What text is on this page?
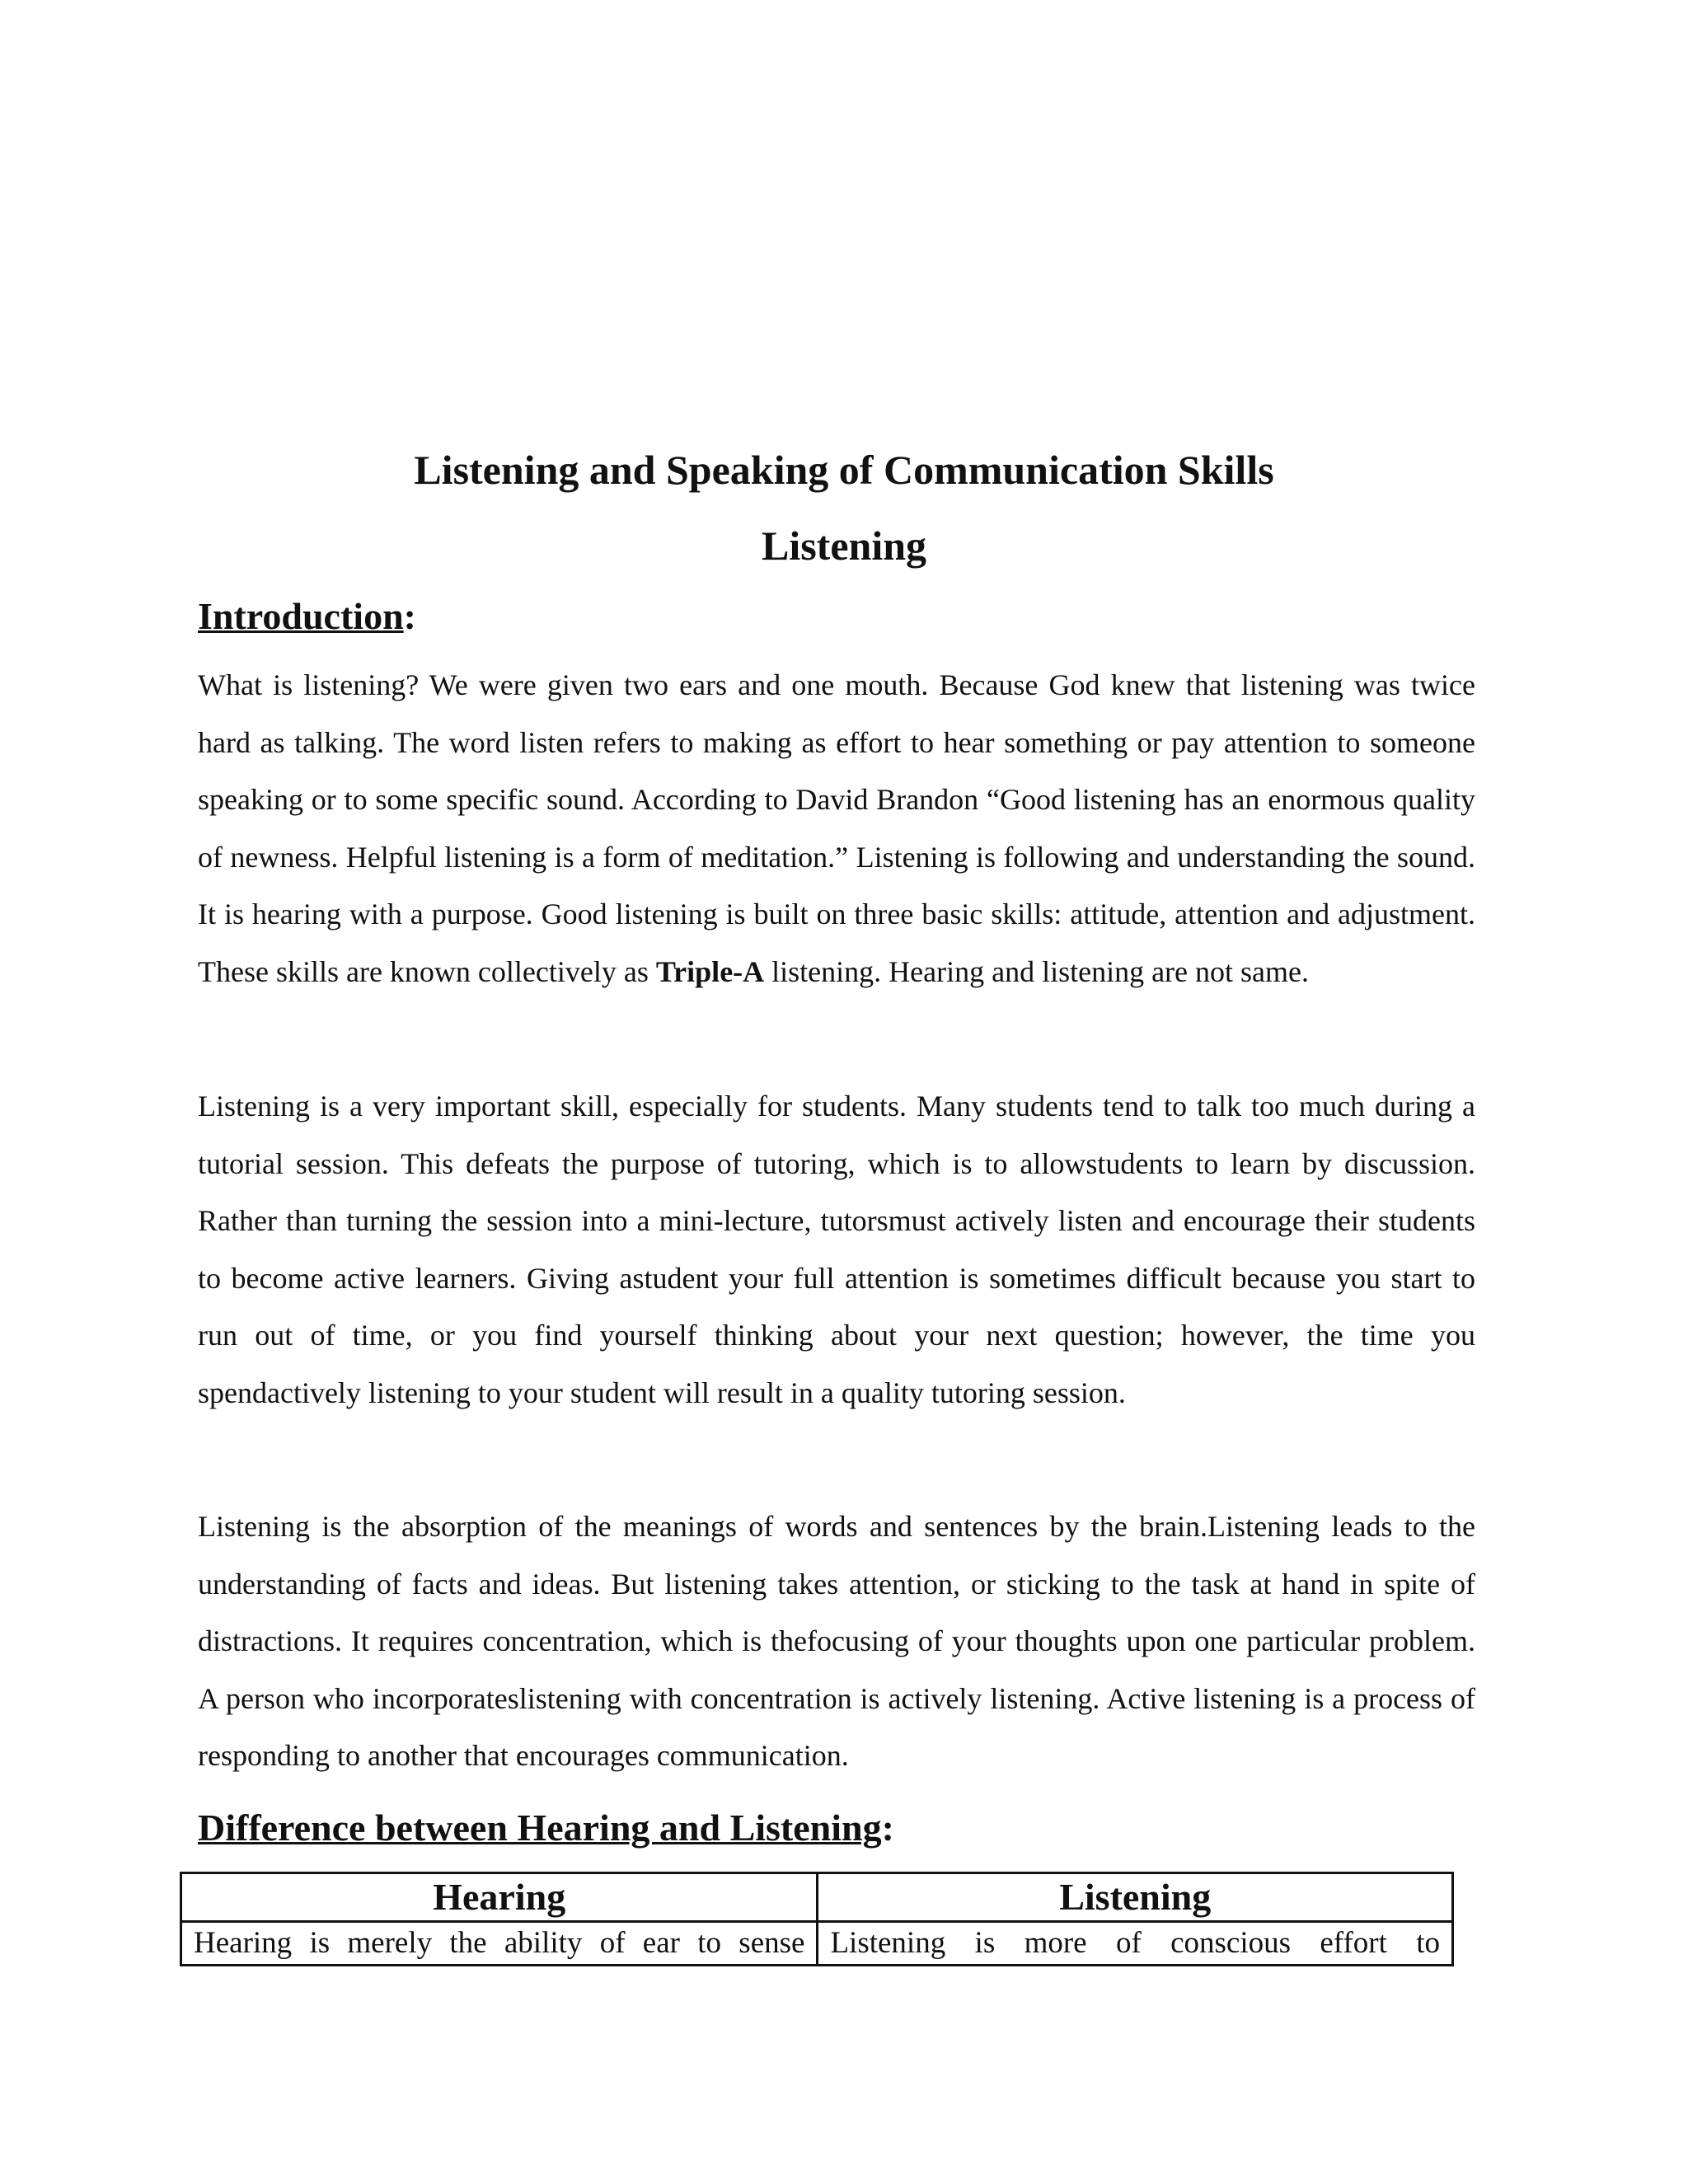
Listening and Speaking of Communication Skills
Listening
Introduction:

What is listening? We were given two ears and one mouth. Because God knew that listening was twice hard as talking. The word listen refers to making as effort to hear something or pay attention to someone speaking or to some specific sound. According to David Brandon “Good listening has an enormous quality of newness. Helpful listening is a form of meditation.” Listening is following and understanding the sound. It is hearing with a purpose. Good listening is built on three basic skills: attitude, attention and adjustment. These skills are known collectively as Triple-A listening. Hearing and listening are not same.

Listening is a very important skill, especially for students. Many students tend to talk too much during a tutorial session. This defeats the purpose of tutoring, which is to allowstudents to learn by discussion. Rather than turning the session into a mini-lecture, tutorsmust actively listen and encourage their students to become active learners. Giving astudent your full attention is sometimes difficult because you start to run out of time, or you find yourself thinking about your next question; however, the time you spendactively listening to your student will result in a quality tutoring session.

Listening is the absorption of the meanings of words and sentences by the brain.Listening leads to the understanding of facts and ideas. But listening takes attention, or sticking to the task at hand in spite of distractions. It requires concentration, which is thefocusing of your thoughts upon one particular problem. A person who incorporateslistening with concentration is actively listening. Active listening is a process of responding to another that encourages communication.

Difference between Hearing and Listening:
Hearing	Listening
Hearing is merely the ability of ear to sense	Listening is more of conscious effort to
